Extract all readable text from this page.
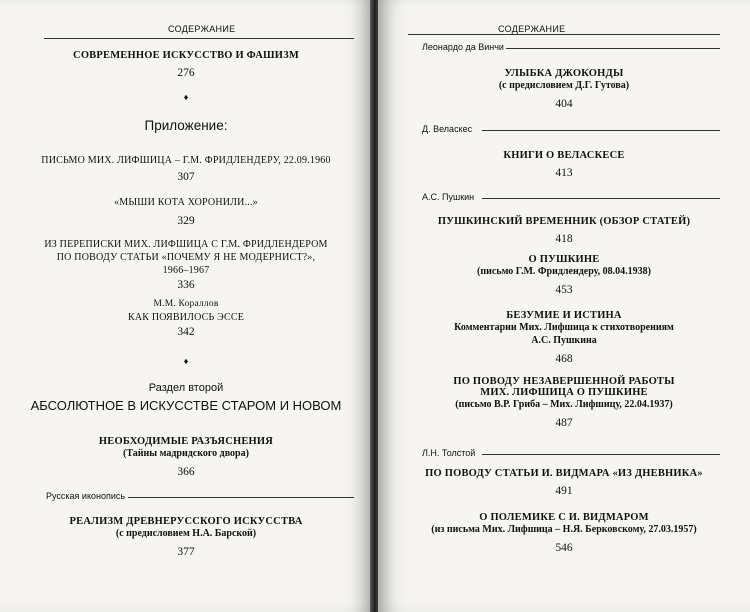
СОДЕРЖАНИЕ
СОВРЕМЕННОЕ ИСКУССТВО И ФАШИЗМ
276
♦
Приложение:
ПИСЬМО МИХ. ЛИФШИЦА – Г.М. ФРИДЛЕНДЕРУ, 22.09.1960
307
«МЫШИ КОТА ХОРОНИЛИ...»
329
ИЗ ПЕРЕПИСКИ МИХ. ЛИФШИЦА С Г.М. ФРИДЛЕНДЕРОМ
ПО ПОВОДУ СТАТЬИ «ПОЧЕМУ Я НЕ МОДЕРНИСТ?»,
1966–1967
336
М.М. Кораллов
КАК ПОЯВИЛОСЬ ЭССЕ
342
♦
Раздел второй
АБСОЛЮТНОЕ В ИСКУССТВЕ СТАРОМ И НОВОМ
НЕОБХОДИМЫЕ РАЗЪЯСНЕНИЯ
(Тайны мадридского двора)
366
Русская иконопись
РЕАЛИЗМ ДРЕВНЕРУССКОГО ИСКУССТВА
(с предисловием Н.А. Барской)
377
СОДЕРЖАНИЕ
Леонардо да Винчи
УЛЫБКА ДЖОКОНДЫ
(с предисловием Д.Г. Гутова)
404
Д. Веласкес
КНИГИ О ВЕЛАСКЕСЕ
413
А.С. Пушкин
ПУШКИНСКИЙ ВРЕМЕННИК (ОБЗОР СТАТЕЙ)
418
О ПУШКИНЕ
(письмо Г.М. Фридлендеру, 08.04.1938)
453
БЕЗУМИЕ И ИСТИНА
Комментарии Мих. Лифшица к стихотворениям
А.С. Пушкина
468
ПО ПОВОДУ НЕЗАВЕРШЕННОЙ РАБОТЫ
МИХ. ЛИФШИЦА О ПУШКИНЕ
(письмо В.Р. Гриба – Мих. Лифшицу, 22.04.1937)
487
Л.Н. Толстой
ПО ПОВОДУ СТАТЬИ И. ВИДМАРА «ИЗ ДНЕВНИКА»
491
О ПОЛЕМИКЕ С И. ВИДМАРОМ
(из письма Мих. Лифшица – Н.Я. Берковскому, 27.03.1957)
546
